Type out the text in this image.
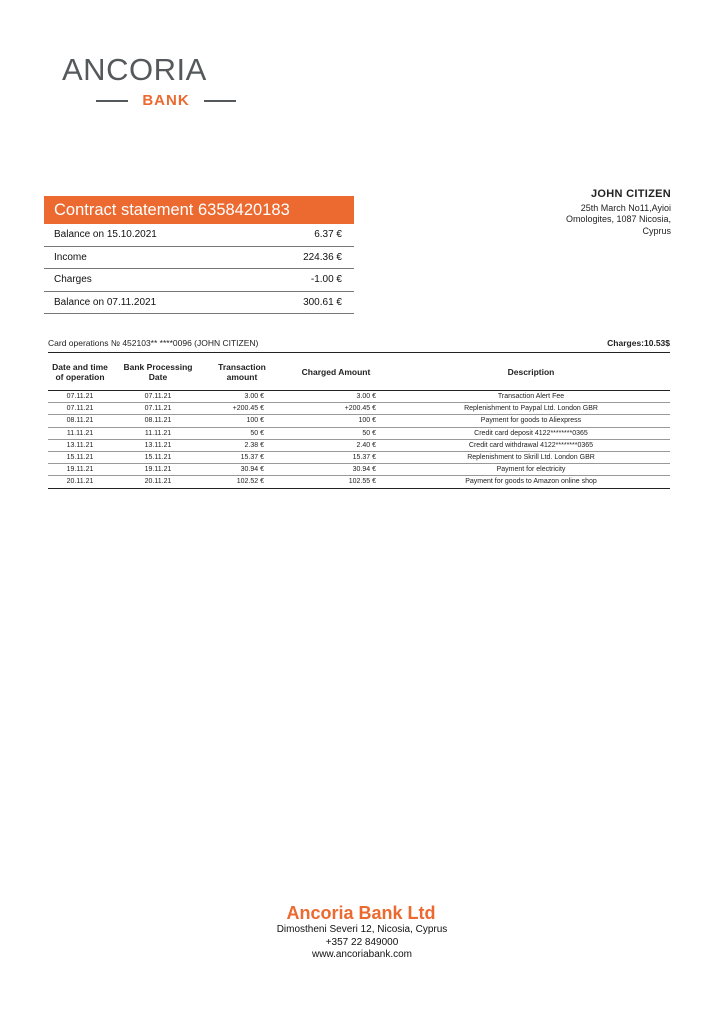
ANCORIA
BANK
JOHN CITIZEN
25th March No11,Ayioi
Omologites, 1087 Nicosia,
Cyprus
Contract statement 6358420183
Balance on 15.10.2021	6.37 €
Income	224.36 €
Charges	-1.00 €
Balance on 07.11.2021	300.61 €
Card operations № 452103** ****0096 (JOHN CITIZEN)	Charges:10.53$
Date and time of operation	Bank Processing Date	Transaction amount	Charged Amount	Description
07.11.21	07.11.21	3.00 €	3.00 €	Transaction Alert Fee
07.11.21	07.11.21	+200.45 €	+200.45 €	Replenishment to Paypal Ltd. London GBR
08.11.21	08.11.21	100 €	100 €	Payment for goods to Aliexpress
11.11.21	11.11.21	50 €	50 €	Credit card deposit 4122********0365
13.11.21	13.11.21	2.38 €	2.40 €	Credit card withdrawal 4122********0365
15.11.21	15.11.21	15.37 €	15.37 €	Replenishment to Skrill Ltd. London GBR
19.11.21	19.11.21	30.94 €	30.94 €	Payment for electricity
20.11.21	20.11.21	102.52 €	102.55 €	Payment for goods to Amazon online shop
Ancoria Bank Ltd
Dimostheni Severi 12, Nicosia, Cyprus
+357 22 849000
www.ancoriabank.com
